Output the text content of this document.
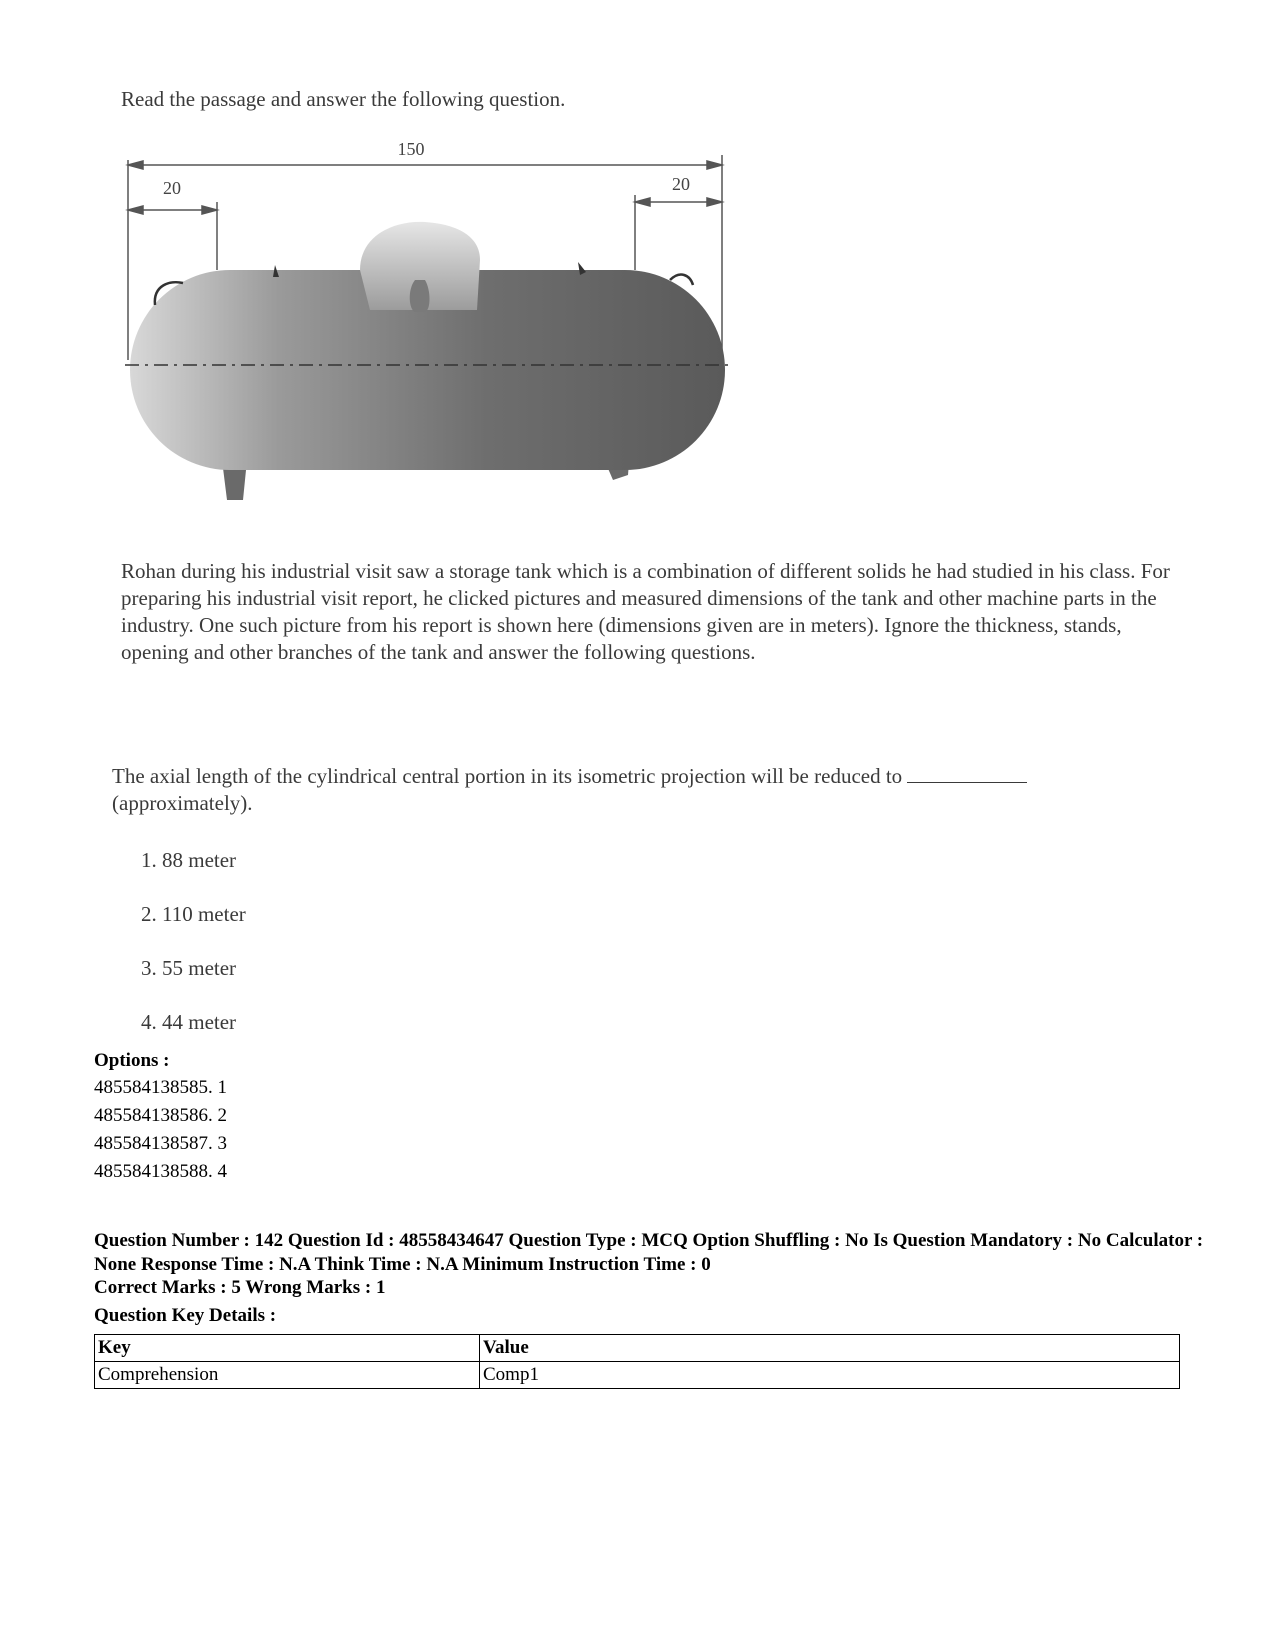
Read the passage and answer the following question.
150
20	20
Rohan during his industrial visit saw a storage tank which is a combination of different solids he had studied in his class. For preparing his industrial visit report, he clicked pictures and measured dimensions of the tank and other machine parts in the industry. One such picture from his report is shown here (dimensions given are in meters). Ignore the thickness, stands, opening and other branches of the tank and answer the following questions.
The axial length of the cylindrical central portion in its isometric projection will be reduced to
(approximately).
1. 88 meter
2. 110 meter
3. 55 meter
4. 44 meter
Options :
485584138585. 1
485584138586. 2
485584138587. 3
485584138588. 4
Question Number : 142 Question Id : 48558434647 Question Type : MCQ Option Shuffling : No Is Question Mandatory : No Calculator : None Response Time : N.A Think Time : N.A Minimum Instruction Time : 0
Correct Marks : 5 Wrong Marks : 1
Question Key Details :
Key	Value
Comprehension	Comp1
